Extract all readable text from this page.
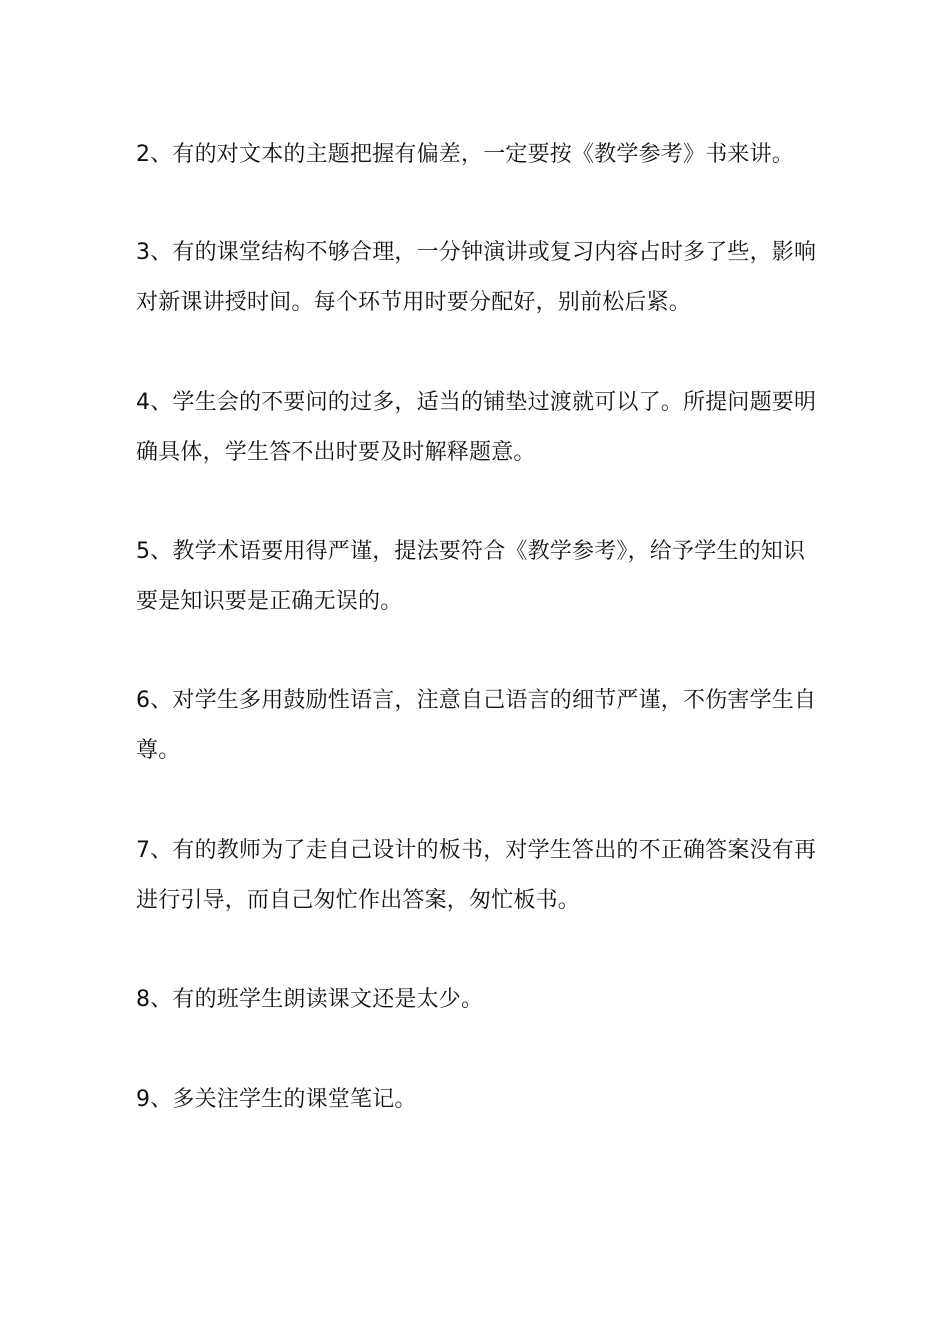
2、有的对文本的主题把握有偏差，一定要按《教学参考》书来讲。

3、有的课堂结构不够合理，一分钟演讲或复习内容占时多了些，影响对新课讲授时间。每个环节用时要分配好，别前松后紧。

4、学生会的不要问的过多，适当的铺垫过渡就可以了。所提问题要明确具体，学生答不出时要及时解释题意。

5、教学术语要用得严谨，提法要符合《教学参考》，给予学生的知识要是知识要是正确无误的。

6、对学生多用鼓励性语言，注意自己语言的细节严谨，不伤害学生自尊。

7、有的教师为了走自己设计的板书，对学生答出的不正确答案没有再进行引导，而自己匆忙作出答案，匆忙板书。

8、有的班学生朗读课文还是太少。

9、多关注学生的课堂笔记。
